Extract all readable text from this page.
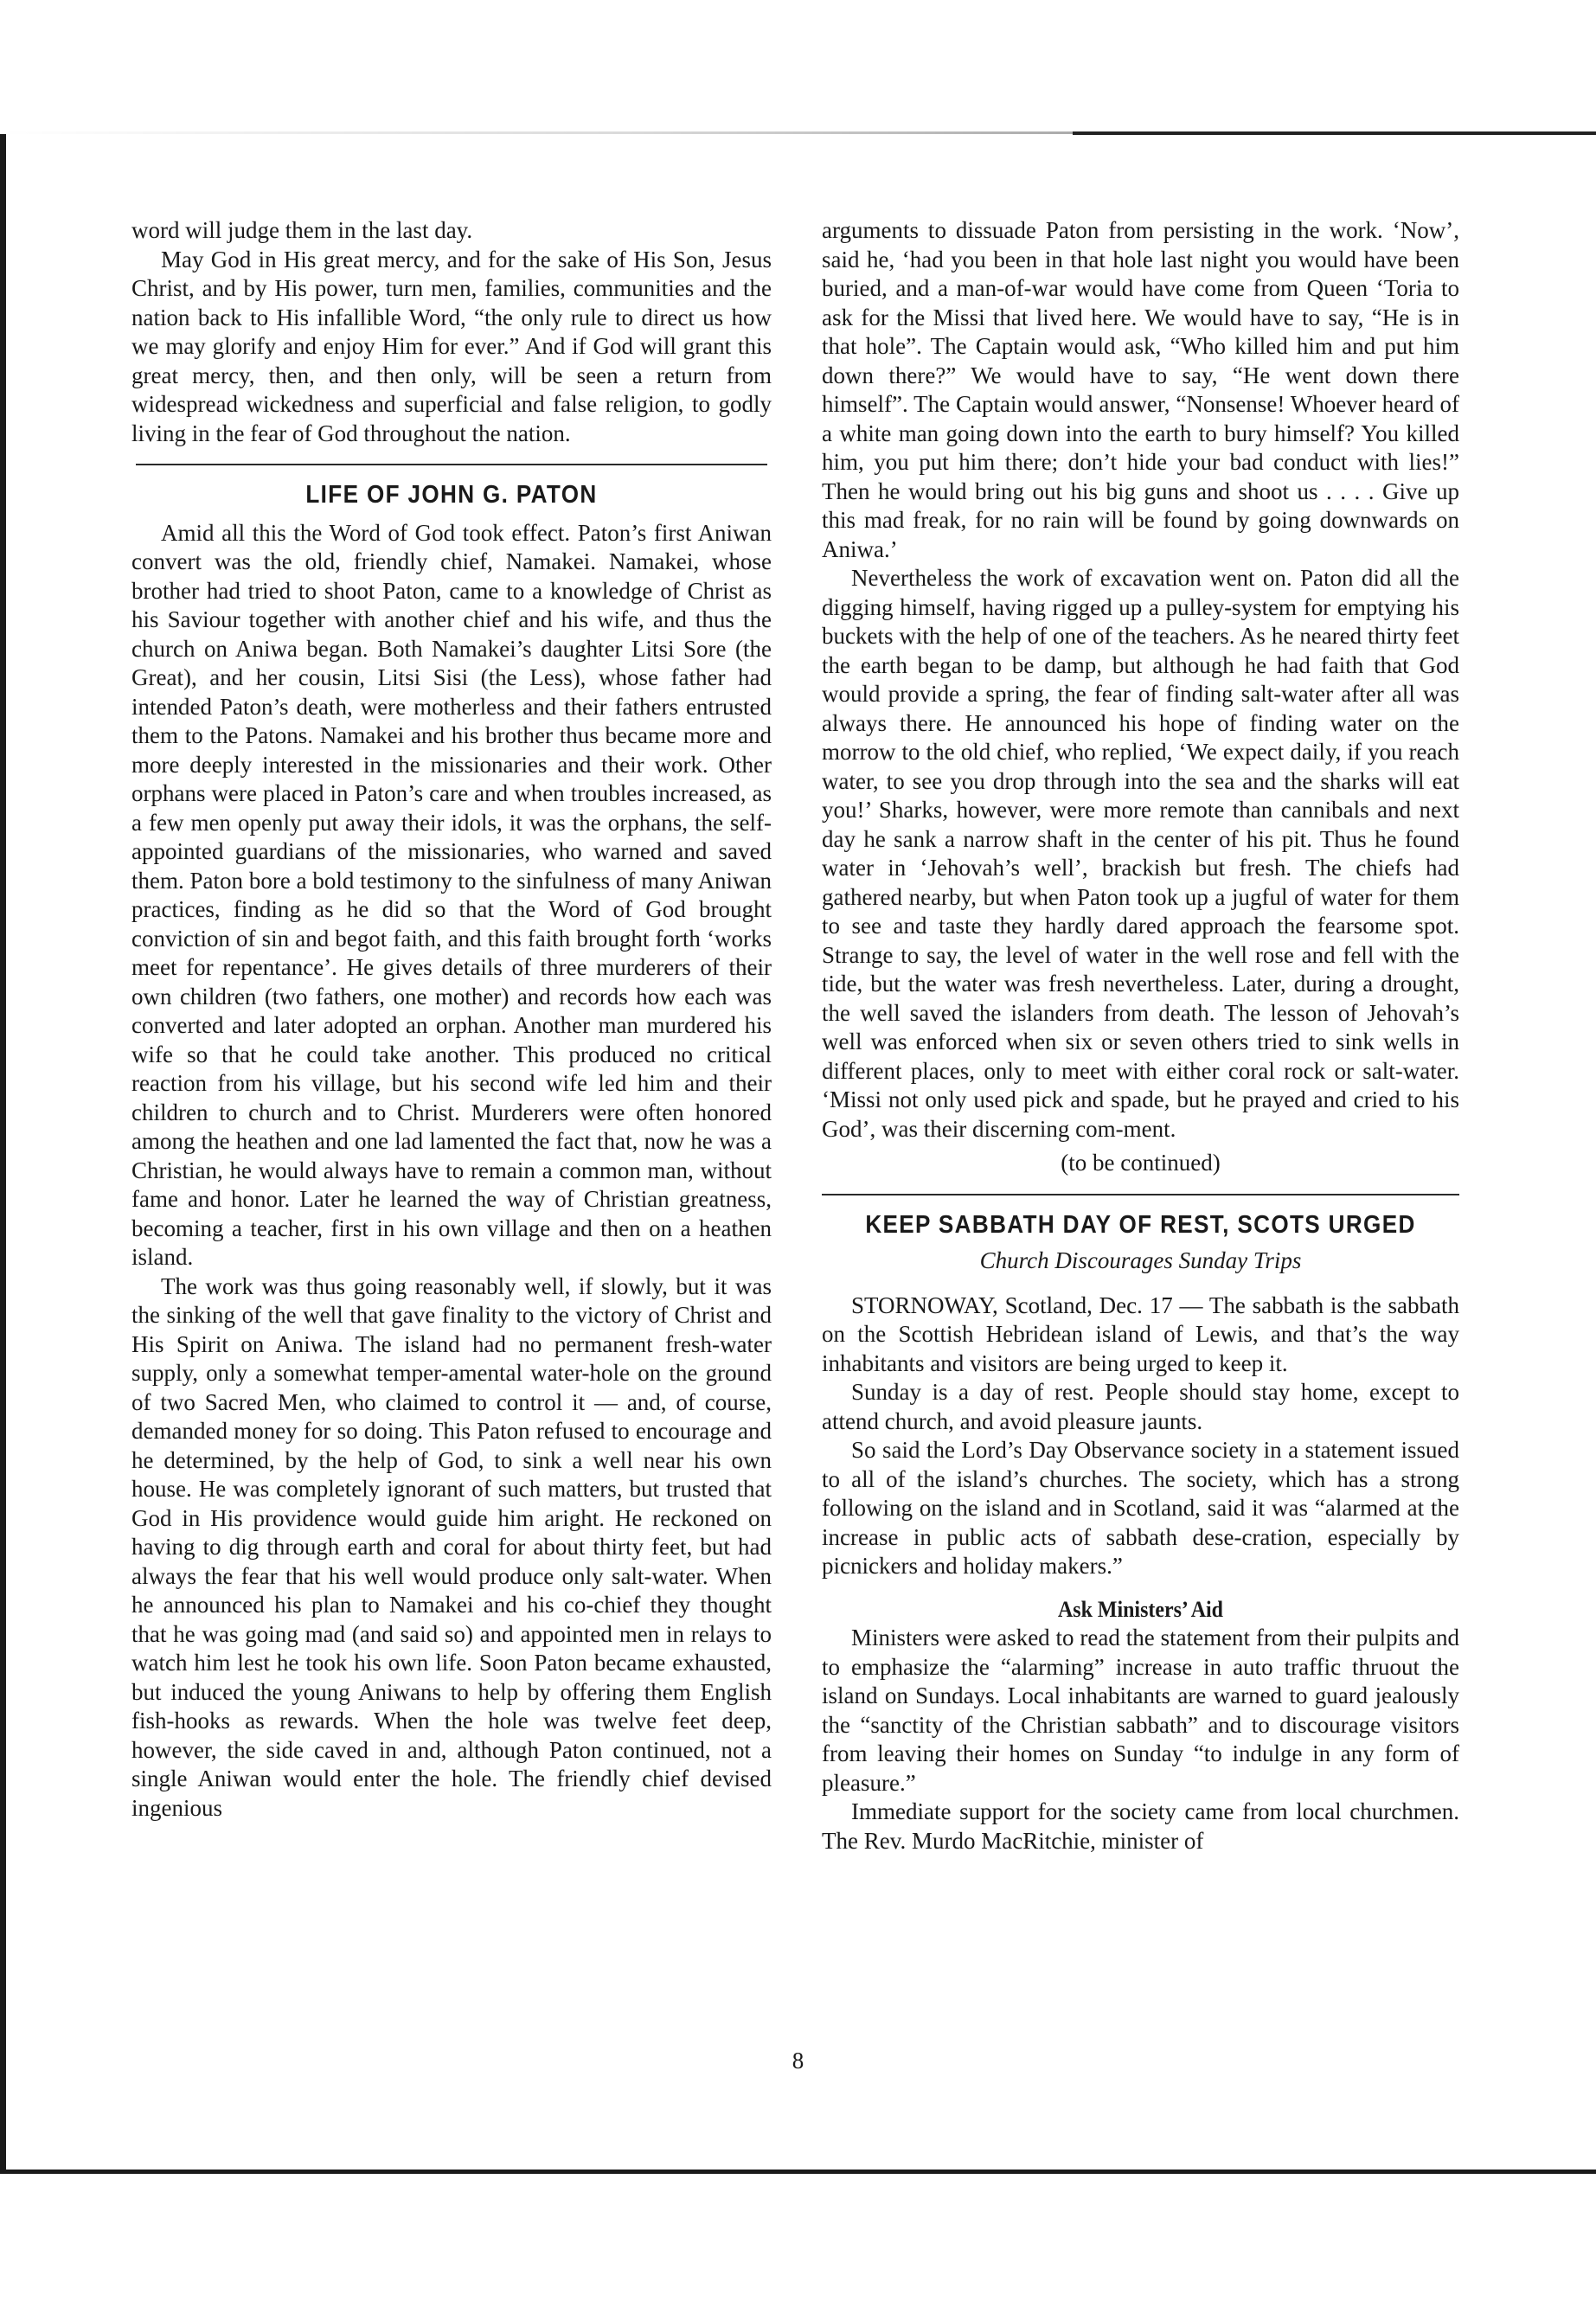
word will judge them in the last day.

May God in His great mercy, and for the sake of His Son, Jesus Christ, and by His power, turn men, families, communities and the nation back to His infallible Word, “the only rule to direct us how we may glorify and enjoy Him for ever.” And if God will grant this great mercy, then, and then only, will be seen a return from widespread wickedness and superficial and false religion, to godly living in the fear of God throughout the nation.

LIFE OF JOHN G. PATON

Amid all this the Word of God took effect. Paton’s first Aniwan convert was the old, friendly chief, Namakei. Namakei, whose brother had tried to shoot Paton, came to a knowledge of Christ as his Saviour together with another chief and his wife, and thus the church on Aniwa began. Both Namakei’s daughter Litsi Sore (the Great), and her cousin, Litsi Sisi (the Less), whose father had intended Paton’s death, were motherless and their fathers entrusted them to the Patons. Namakei and his brother thus became more and more deeply interested in the missionaries and their work. Other orphans were placed in Paton’s care and when troubles increased, as a few men openly put away their idols, it was the orphans, the self-appointed guardians of the missionaries, who warned and saved them. Paton bore a bold testimony to the sinfulness of many Aniwan practices, finding as he did so that the Word of God brought conviction of sin and begot faith, and this faith brought forth ‘works meet for repentance’. He gives details of three murderers of their own children (two fathers, one mother) and records how each was converted and later adopted an orphan. Another man murdered his wife so that he could take another. This produced no critical reaction from his village, but his second wife led him and their children to church and to Christ. Murderers were often honored among the heathen and one lad lamented the fact that, now he was a Christian, he would always have to remain a common man, without fame and honor. Later he learned the way of Christian greatness, becoming a teacher, first in his own village and then on a heathen island.

The work was thus going reasonably well, if slowly, but it was the sinking of the well that gave finality to the victory of Christ and His Spirit on Aniwa. The island had no permanent fresh-water supply, only a somewhat temper-amental water-hole on the ground of two Sacred Men, who claimed to control it — and, of course, demanded money for so doing. This Paton refused to encourage and he determined, by the help of God, to sink a well near his own house. He was completely ignorant of such matters, but trusted that God in His providence would guide him aright. He reckoned on having to dig through earth and coral for about thirty feet, but had always the fear that his well would produce only salt-water. When he announced his plan to Namakei and his co-chief they thought that he was going mad (and said so) and appointed men in relays to watch him lest he took his own life. Soon Paton became exhausted, but induced the young Aniwans to help by offering them English fish-hooks as rewards. When the hole was twelve feet deep, however, the side caved in and, although Paton continued, not a single Aniwan would enter the hole. The friendly chief devised ingenious

arguments to dissuade Paton from persisting in the work. ‘Now’, said he, ‘had you been in that hole last night you would have been buried, and a man-of-war would have come from Queen ‘Toria to ask for the Missi that lived here. We would have to say, “He is in that hole”. The Captain would ask, “Who killed him and put him down there?” We would have to say, “He went down there himself”. The Captain would answer, “Nonsense! Whoever heard of a white man going down into the earth to bury himself? You killed him, you put him there; don’t hide your bad conduct with lies!” Then he would bring out his big guns and shoot us . . . . Give up this mad freak, for no rain will be found by going downwards on Aniwa.’

Nevertheless the work of excavation went on. Paton did all the digging himself, having rigged up a pulley-system for emptying his buckets with the help of one of the teachers. As he neared thirty feet the earth began to be damp, but although he had faith that God would provide a spring, the fear of finding salt-water after all was always there. He announced his hope of finding water on the morrow to the old chief, who replied, ‘We expect daily, if you reach water, to see you drop through into the sea and the sharks will eat you!’ Sharks, however, were more remote than cannibals and next day he sank a narrow shaft in the center of his pit. Thus he found water in ‘Jehovah’s well’, brackish but fresh. The chiefs had gathered nearby, but when Paton took up a jugful of water for them to see and taste they hardly dared approach the fearsome spot. Strange to say, the level of water in the well rose and fell with the tide, but the water was fresh nevertheless. Later, during a drought, the well saved the islanders from death. The lesson of Jehovah’s well was enforced when six or seven others tried to sink wells in different places, only to meet with either coral rock or salt-water. ‘Missi not only used pick and spade, but he prayed and cried to his God’, was their discerning com-ment.

(to be continued)
KEEP SABBATH DAY OF REST, SCOTS URGED
Church Discourages Sunday Trips

STORNOWAY, Scotland, Dec. 17 — The sabbath is the sabbath on the Scottish Hebridean island of Lewis, and that’s the way inhabitants and visitors are being urged to keep it.

Sunday is a day of rest. People should stay home, except to attend church, and avoid pleasure jaunts.

So said the Lord’s Day Observance society in a statement issued to all of the island’s churches. The society, which has a strong following on the island and in Scotland, said it was “alarmed at the increase in public acts of sabbath dese-cration, especially by picnickers and holiday makers.”

Ask Ministers’ Aid

Ministers were asked to read the statement from their pulpits and to emphasize the “alarming” increase in auto traffic thruout the island on Sundays. Local inhabitants are warned to guard jealously the “sanctity of the Christian sabbath” and to discourage visitors from leaving their homes on Sunday “to indulge in any form of pleasure.”

Immediate support for the society came from local churchmen. The Rev. Murdo MacRitchie, minister of

8
